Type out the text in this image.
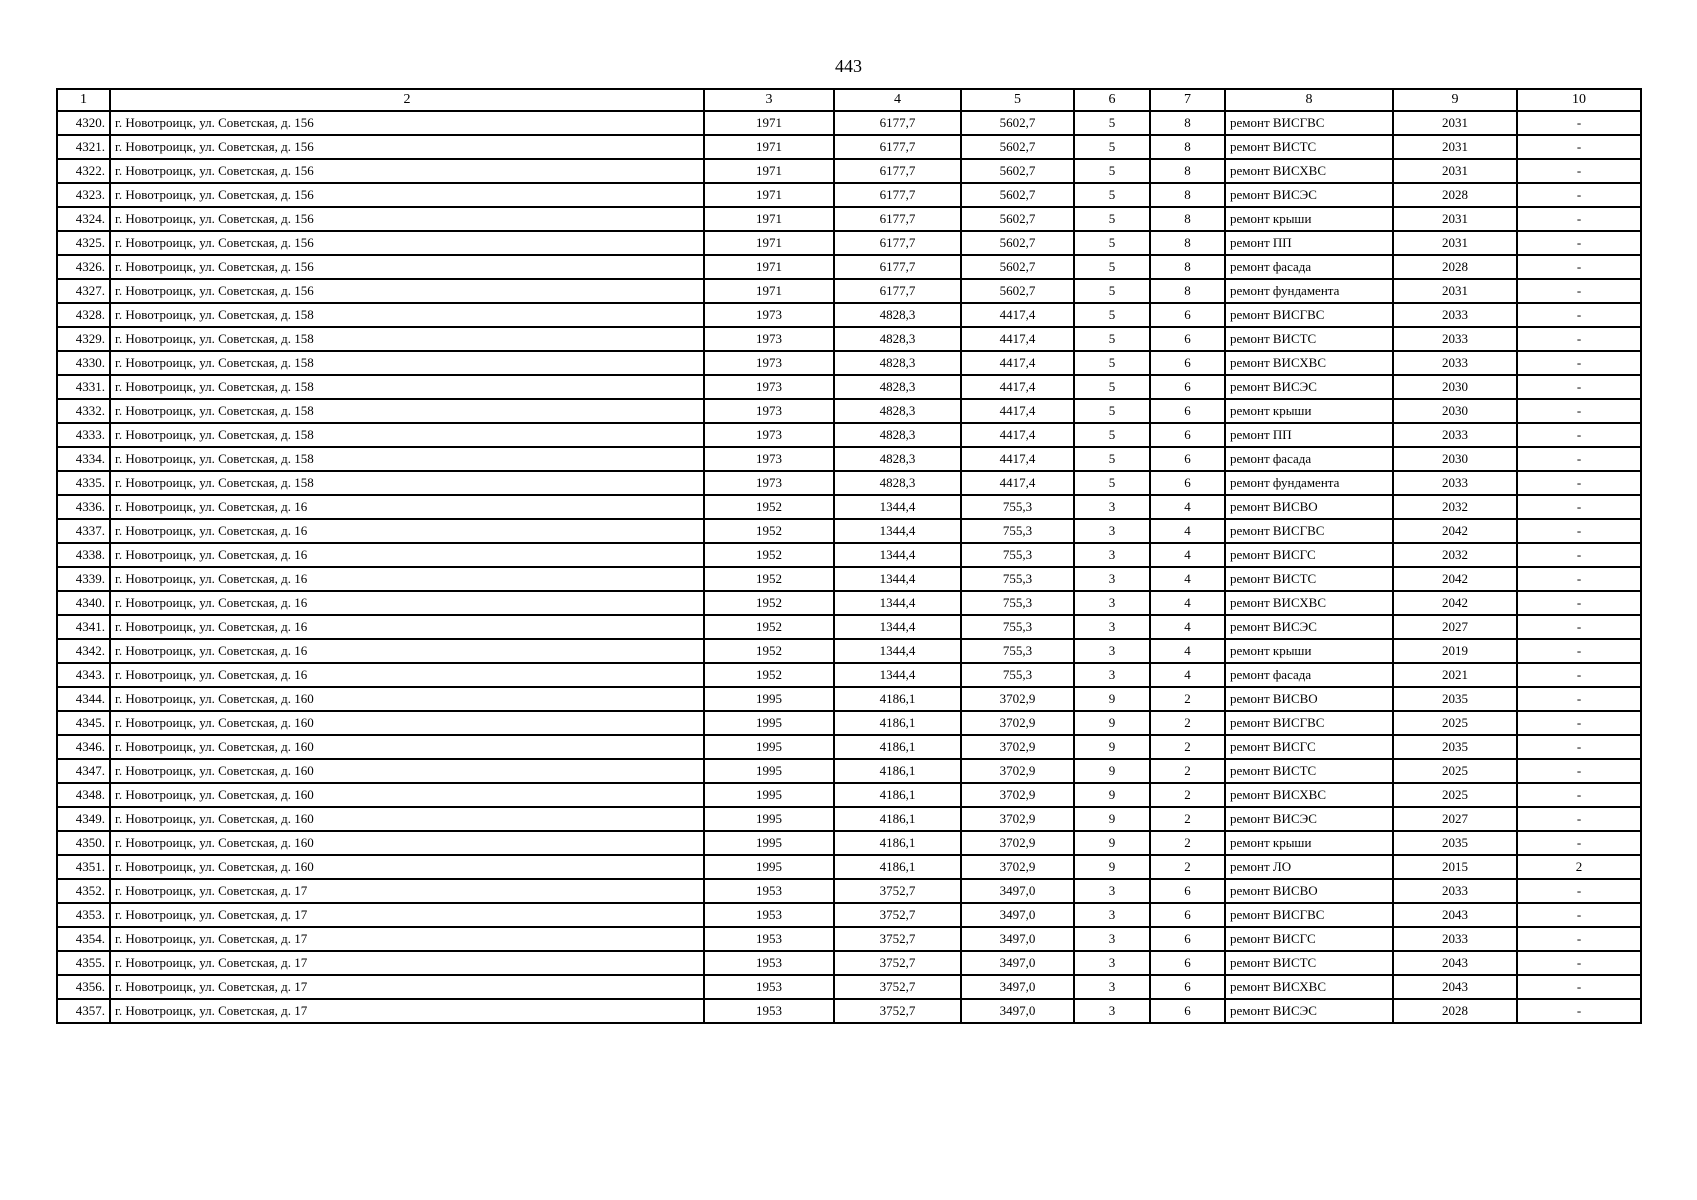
443
1	2	3	4	5	6	7	8	9	10
4320.	г. Новотроицк, ул. Советская, д. 156	1971	6177,7	5602,7	5	8	ремонт ВИСГВС	2031	-
4321.	г. Новотроицк, ул. Советская, д. 156	1971	6177,7	5602,7	5	8	ремонт ВИСТС	2031	-
4322.	г. Новотроицк, ул. Советская, д. 156	1971	6177,7	5602,7	5	8	ремонт ВИСХВС	2031	-
4323.	г. Новотроицк, ул. Советская, д. 156	1971	6177,7	5602,7	5	8	ремонт ВИСЭС	2028	-
4324.	г. Новотроицк, ул. Советская, д. 156	1971	6177,7	5602,7	5	8	ремонт крыши	2031	-
4325.	г. Новотроицк, ул. Советская, д. 156	1971	6177,7	5602,7	5	8	ремонт ПП	2031	-
4326.	г. Новотроицк, ул. Советская, д. 156	1971	6177,7	5602,7	5	8	ремонт фасада	2028	-
4327.	г. Новотроицк, ул. Советская, д. 156	1971	6177,7	5602,7	5	8	ремонт фундамента	2031	-
4328.	г. Новотроицк, ул. Советская, д. 158	1973	4828,3	4417,4	5	6	ремонт ВИСГВС	2033	-
4329.	г. Новотроицк, ул. Советская, д. 158	1973	4828,3	4417,4	5	6	ремонт ВИСТС	2033	-
4330.	г. Новотроицк, ул. Советская, д. 158	1973	4828,3	4417,4	5	6	ремонт ВИСХВС	2033	-
4331.	г. Новотроицк, ул. Советская, д. 158	1973	4828,3	4417,4	5	6	ремонт ВИСЭС	2030	-
4332.	г. Новотроицк, ул. Советская, д. 158	1973	4828,3	4417,4	5	6	ремонт крыши	2030	-
4333.	г. Новотроицк, ул. Советская, д. 158	1973	4828,3	4417,4	5	6	ремонт ПП	2033	-
4334.	г. Новотроицк, ул. Советская, д. 158	1973	4828,3	4417,4	5	6	ремонт фасада	2030	-
4335.	г. Новотроицк, ул. Советская, д. 158	1973	4828,3	4417,4	5	6	ремонт фундамента	2033	-
4336.	г. Новотроицк, ул. Советская, д. 16	1952	1344,4	755,3	3	4	ремонт ВИСВО	2032	-
4337.	г. Новотроицк, ул. Советская, д. 16	1952	1344,4	755,3	3	4	ремонт ВИСГВС	2042	-
4338.	г. Новотроицк, ул. Советская, д. 16	1952	1344,4	755,3	3	4	ремонт ВИСГС	2032	-
4339.	г. Новотроицк, ул. Советская, д. 16	1952	1344,4	755,3	3	4	ремонт ВИСТС	2042	-
4340.	г. Новотроицк, ул. Советская, д. 16	1952	1344,4	755,3	3	4	ремонт ВИСХВС	2042	-
4341.	г. Новотроицк, ул. Советская, д. 16	1952	1344,4	755,3	3	4	ремонт ВИСЭС	2027	-
4342.	г. Новотроицк, ул. Советская, д. 16	1952	1344,4	755,3	3	4	ремонт крыши	2019	-
4343.	г. Новотроицк, ул. Советская, д. 16	1952	1344,4	755,3	3	4	ремонт фасада	2021	-
4344.	г. Новотроицк, ул. Советская, д. 160	1995	4186,1	3702,9	9	2	ремонт ВИСВО	2035	-
4345.	г. Новотроицк, ул. Советская, д. 160	1995	4186,1	3702,9	9	2	ремонт ВИСГВС	2025	-
4346.	г. Новотроицк, ул. Советская, д. 160	1995	4186,1	3702,9	9	2	ремонт ВИСГС	2035	-
4347.	г. Новотроицк, ул. Советская, д. 160	1995	4186,1	3702,9	9	2	ремонт ВИСТС	2025	-
4348.	г. Новотроицк, ул. Советская, д. 160	1995	4186,1	3702,9	9	2	ремонт ВИСХВС	2025	-
4349.	г. Новотроицк, ул. Советская, д. 160	1995	4186,1	3702,9	9	2	ремонт ВИСЭС	2027	-
4350.	г. Новотроицк, ул. Советская, д. 160	1995	4186,1	3702,9	9	2	ремонт крыши	2035	-
4351.	г. Новотроицк, ул. Советская, д. 160	1995	4186,1	3702,9	9	2	ремонт ЛО	2015	2
4352.	г. Новотроицк, ул. Советская, д. 17	1953	3752,7	3497,0	3	6	ремонт ВИСВО	2033	-
4353.	г. Новотроицк, ул. Советская, д. 17	1953	3752,7	3497,0	3	6	ремонт ВИСГВС	2043	-
4354.	г. Новотроицк, ул. Советская, д. 17	1953	3752,7	3497,0	3	6	ремонт ВИСГС	2033	-
4355.	г. Новотроицк, ул. Советская, д. 17	1953	3752,7	3497,0	3	6	ремонт ВИСТС	2043	-
4356.	г. Новотроицк, ул. Советская, д. 17	1953	3752,7	3497,0	3	6	ремонт ВИСХВС	2043	-
4357.	г. Новотроицк, ул. Советская, д. 17	1953	3752,7	3497,0	3	6	ремонт ВИСЭС	2028	-
